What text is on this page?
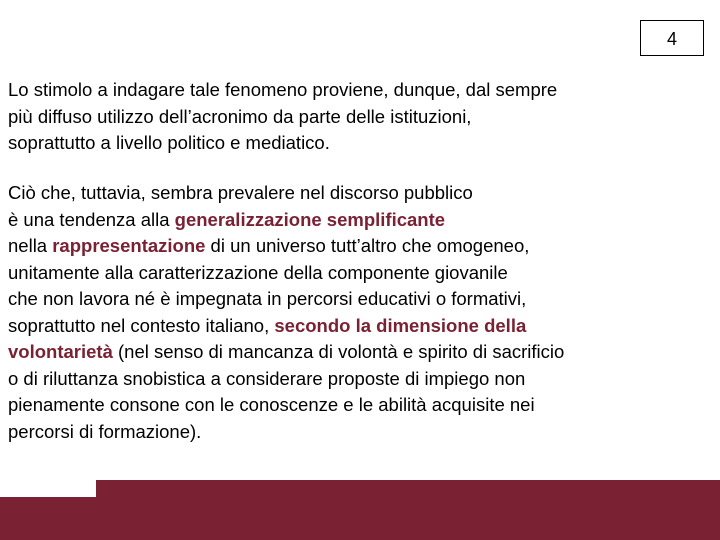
4

Lo stimolo a indagare tale fenomeno proviene, dunque, dal sempre
più diffuso utilizzo dell’acronimo da parte delle istituzioni,
soprattutto a livello politico e mediatico.

Ciò che, tuttavia, sembra prevalere nel discorso pubblico
è una tendenza alla generalizzazione semplificante
nella rappresentazione di un universo tutt’altro che omogeneo,
unitamente alla caratterizzazione della componente giovanile
che non lavora né è impegnata in percorsi educativi o formativi,
soprattutto nel contesto italiano, secondo la dimensione della
volontarietà (nel senso di mancanza di volontà e spirito di sacrificio
o di riluttanza snobistica a considerare proposte di impiego non
pienamente consone con le conoscenze e le abilità acquisite nei
percorsi di formazione).
